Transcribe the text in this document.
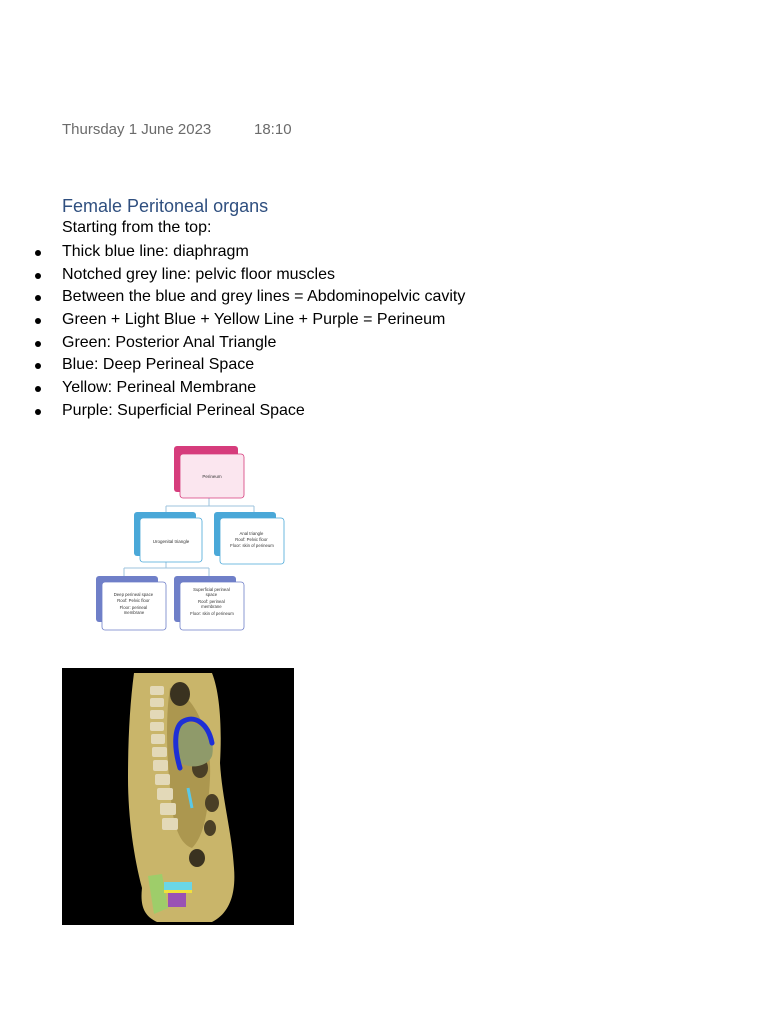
Thursday 1 June 2023	18:10
Female Peritoneal organs
Starting from the top:
Thick blue line: diaphragm
Notched grey line: pelvic floor muscles
Between the blue and grey lines = Abdominopelvic cavity
Green + Light Blue + Yellow Line + Purple = Perineum
Green: Posterior Anal Triangle
Blue: Deep Perineal Space
Yellow: Perineal Membrane
Purple: Superficial Perineal Space
Perineum
Urogenital triangle
Anal triangle Roof: Pelvic floor Floor: skin of perineum
Deep perineal space Roof: Pelvic floor Floor: perineal membrane
Superficial perineal space Roof: perineal membrane Floor: skin of perineum
